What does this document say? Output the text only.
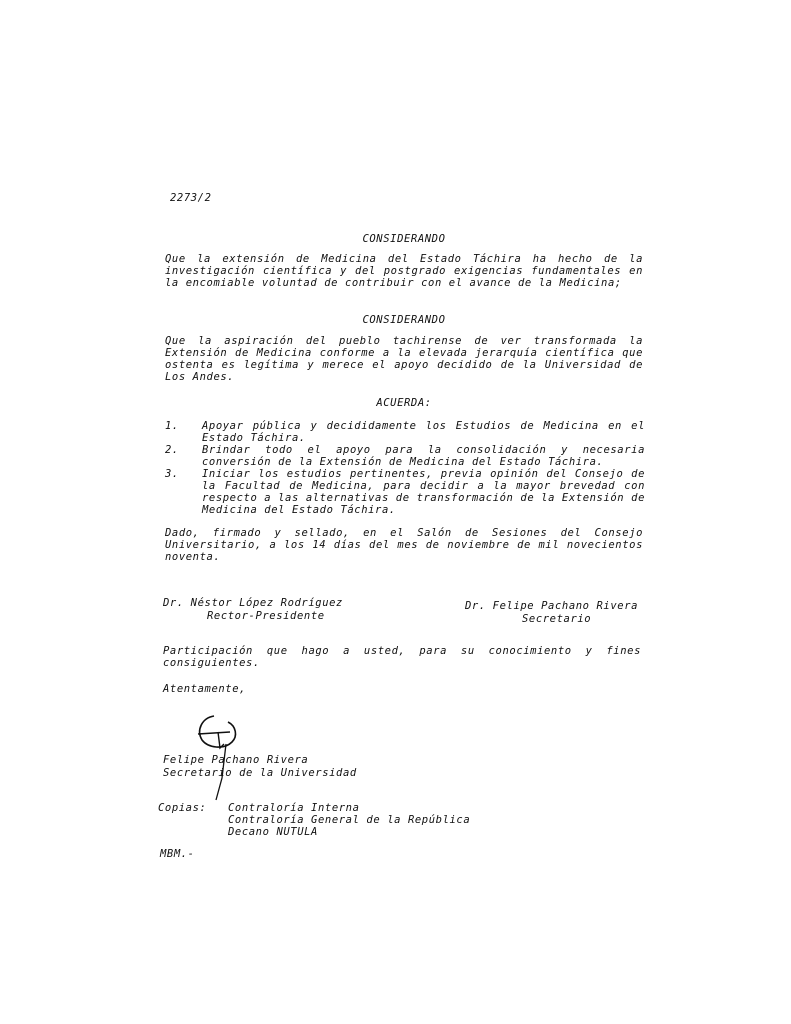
2273/2
CONSIDERANDO
Que la extensión de Medicina del Estado Táchira ha hecho de la investigación científica y del postgrado exigencias fundamentales en la encomiable voluntad de contribuir con el avance de la Medicina;
CONSIDERANDO
Que la aspiración del pueblo tachirense de ver transformada la Extensión de Medicina conforme a la elevada jerarquía científica que ostenta es legítima y merece el apoyo decidido de la Universidad de Los Andes.
ACUERDA:
1. Apoyar pública y decididamente los Estudios de Medicina en el Estado Táchira.
2. Brindar todo el apoyo para la consolidación y necesaria conversión de la Extensión de Medicina del Estado Táchira.
3. Iniciar los estudios pertinentes, previa opinión del Consejo de la Facultad de Medicina, para decidir a la mayor brevedad con respecto a las alternativas de transformación de la Extensión de Medicina del Estado Táchira.
Dado, firmado y sellado, en el Salón de Sesiones del Consejo Universitario, a los 14 días del mes de noviembre de mil novecientos noventa.
Dr. Néstor López Rodríguez
Rector-Presidente
Dr. Felipe Pachano Rivera
Secretario
Participación que hago a usted, para su conocimiento y fines consiguientes.
Atentamente,
Felipe Pachano Rivera
Secretario de la Universidad
Copias: Contraloría Interna
Contraloría General de la República
Decano NUTULA
MBM.-
